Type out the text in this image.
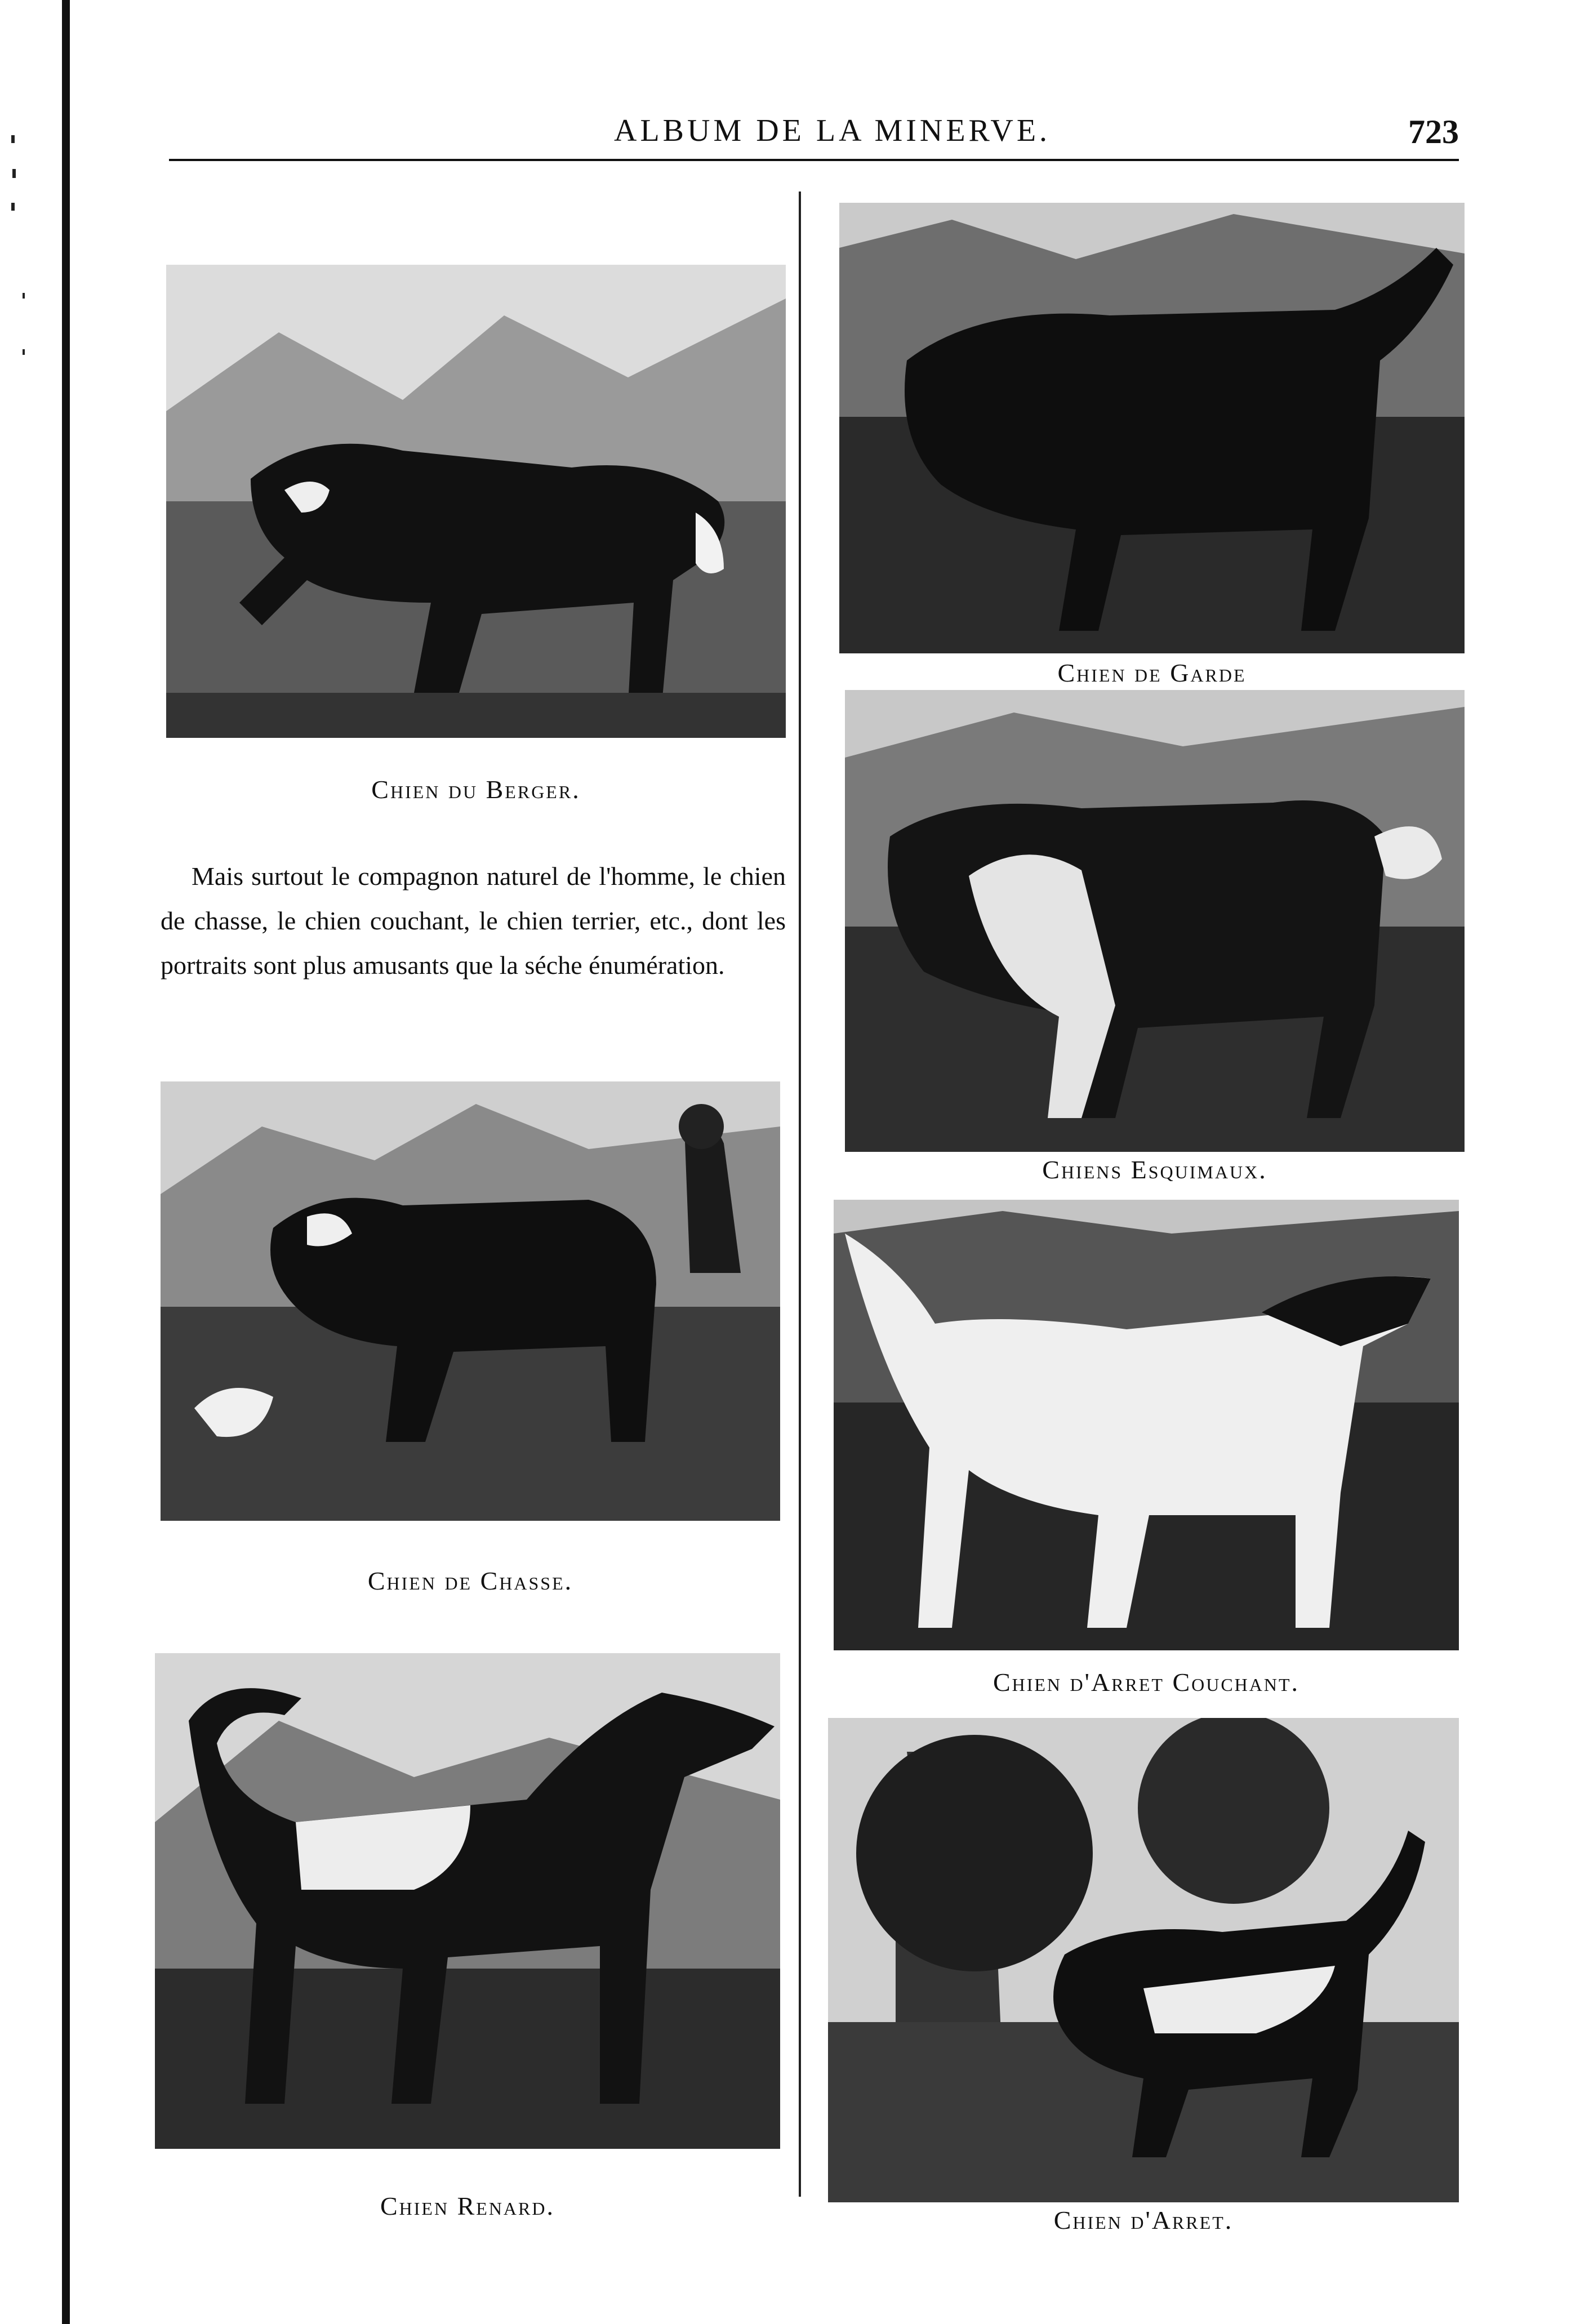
ALBUM DE LA MINERVE.	723
Chien du Berger.

Mais surtout le compagnon naturel de l'homme, le chien de chasse, le chien couchant, le chien terrier, etc., dont les portraits sont plus amusants que la séche énumération.

Chien de Chasse.
Chien Renard.
Chien de Garde
Chiens Esquimaux.
Chien d'Arret Couchant.
Chien d'Arret.
